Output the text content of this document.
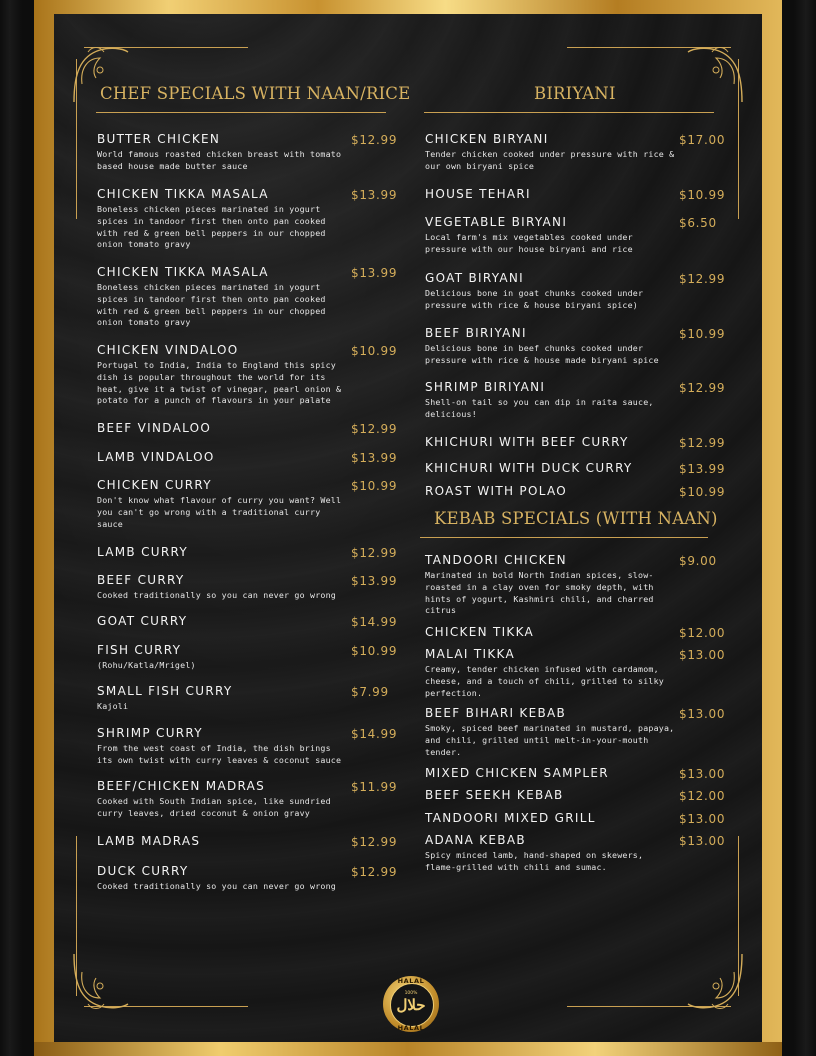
CHEF SPECIALS WITH NAAN/RICE	BIRIYANI
KEBAB SPECIALS (WITH NAAN)
BUTTER CHICKEN	$12.99

World famous roasted chicken breast with tomato based house made butter sauce

CHICKEN TIKKA MASALA	$13.99

Boneless chicken pieces marinated in yogurt spices in tandoor first then onto pan cooked with red & green bell peppers in our chopped onion tomato gravy

CHICKEN TIKKA MASALA	$13.99

Boneless chicken pieces marinated in yogurt spices in tandoor first then onto pan cooked with red & green bell peppers in our chopped onion tomato gravy

CHICKEN VINDALOO	$10.99

Portugal to India, India to England this spicy dish is popular throughout the world for its heat, give it a twist of vinegar, pearl onion & potato for a punch of flavours in your palate

BEEF VINDALOO	$12.99
LAMB VINDALOO	$13.99
CHICKEN CURRY	$10.99

Don't know what flavour of curry you want? Well you can't go wrong with a traditional curry sauce

LAMB CURRY	$12.99
BEEF CURRY	$13.99

Cooked traditionally so you can never go wrong

GOAT CURRY	$14.99
FISH CURRY	$10.99

(Rohu/Katla/Mrigel)

SMALL FISH CURRY	$7.99

Kajoli

SHRIMP CURRY	$14.99

From the west coast of India, the dish brings its own twist with curry leaves & coconut sauce

BEEF/CHICKEN MADRAS	$11.99

Cooked with South Indian spice, like sundried curry leaves, dried coconut & onion gravy

LAMB MADRAS	$12.99
DUCK CURRY	$12.99

Cooked traditionally so you can never go wrong

CHICKEN BIRYANI	$17.00

Tender chicken cooked under pressure with rice & our own biryani spice

HOUSE TEHARI	$10.99
VEGETABLE BIRYANI	$6.50

Local farm's mix vegetables cooked under pressure with our house biryani and rice

GOAT BIRYANI	$12.99

Delicious bone in goat chunks cooked under pressure with rice & house biryani spice)

BEEF BIRIYANI	$10.99

Delicious bone in beef chunks cooked under pressure with rice & house made biryani spice

SHRIMP BIRIYANI	$12.99

Shell-on tail so you can dip in raita sauce, delicious!

KHICHURI WITH BEEF CURRY	$12.99
KHICHURI WITH DUCK CURRY	$13.99
ROAST WITH POLAO	$10.99
TANDOORI CHICKEN	$9.00

Marinated in bold North Indian spices, slow-roasted in a clay oven for smoky depth, with hints of yogurt, Kashmiri chili, and charred citrus

CHICKEN TIKKA	$12.00
MALAI TIKKA	$13.00

Creamy, tender chicken infused with cardamom, cheese, and a touch of chili, grilled to silky perfection.

BEEF BIHARI KEBAB	$13.00

Smoky, spiced beef marinated in mustard, papaya, and chili, grilled until melt-in-your-mouth tender.

MIXED CHICKEN SAMPLER	$13.00
BEEF SEEKH KEBAB	$12.00
TANDOORI MIXED GRILL	$13.00
ADANA KEBAB	$13.00

Spicy minced lamb, hand-shaped on skewers, flame-grilled with chili and sumac.

HALAL
100%
حلال
HALAL
